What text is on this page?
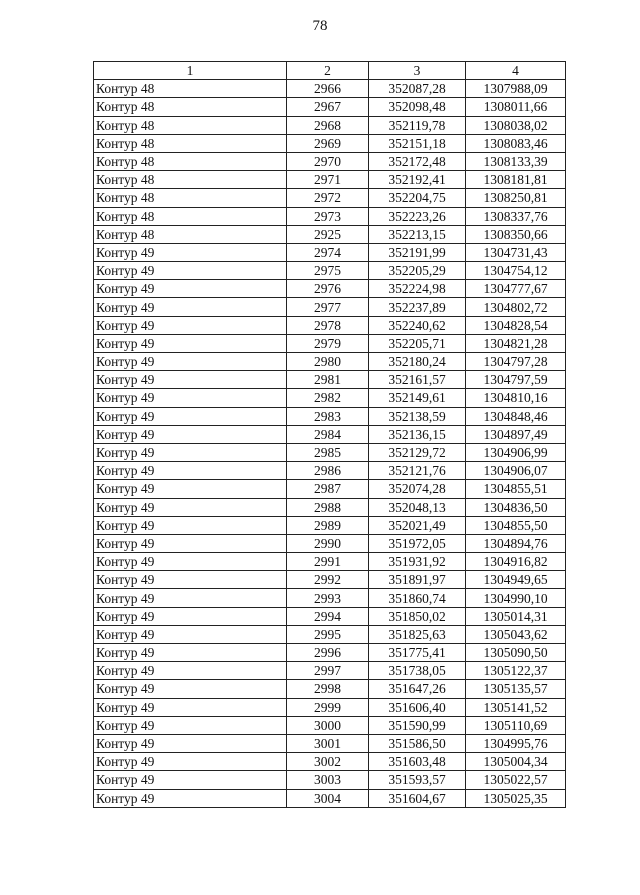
78
1	2	3	4
Контур 48	2966	352087,28	1307988,09
Контур 48	2967	352098,48	1308011,66
Контур 48	2968	352119,78	1308038,02
Контур 48	2969	352151,18	1308083,46
Контур 48	2970	352172,48	1308133,39
Контур 48	2971	352192,41	1308181,81
Контур 48	2972	352204,75	1308250,81
Контур 48	2973	352223,26	1308337,76
Контур 48	2925	352213,15	1308350,66
Контур 49	2974	352191,99	1304731,43
Контур 49	2975	352205,29	1304754,12
Контур 49	2976	352224,98	1304777,67
Контур 49	2977	352237,89	1304802,72
Контур 49	2978	352240,62	1304828,54
Контур 49	2979	352205,71	1304821,28
Контур 49	2980	352180,24	1304797,28
Контур 49	2981	352161,57	1304797,59
Контур 49	2982	352149,61	1304810,16
Контур 49	2983	352138,59	1304848,46
Контур 49	2984	352136,15	1304897,49
Контур 49	2985	352129,72	1304906,99
Контур 49	2986	352121,76	1304906,07
Контур 49	2987	352074,28	1304855,51
Контур 49	2988	352048,13	1304836,50
Контур 49	2989	352021,49	1304855,50
Контур 49	2990	351972,05	1304894,76
Контур 49	2991	351931,92	1304916,82
Контур 49	2992	351891,97	1304949,65
Контур 49	2993	351860,74	1304990,10
Контур 49	2994	351850,02	1305014,31
Контур 49	2995	351825,63	1305043,62
Контур 49	2996	351775,41	1305090,50
Контур 49	2997	351738,05	1305122,37
Контур 49	2998	351647,26	1305135,57
Контур 49	2999	351606,40	1305141,52
Контур 49	3000	351590,99	1305110,69
Контур 49	3001	351586,50	1304995,76
Контур 49	3002	351603,48	1305004,34
Контур 49	3003	351593,57	1305022,57
Контур 49	3004	351604,67	1305025,35
